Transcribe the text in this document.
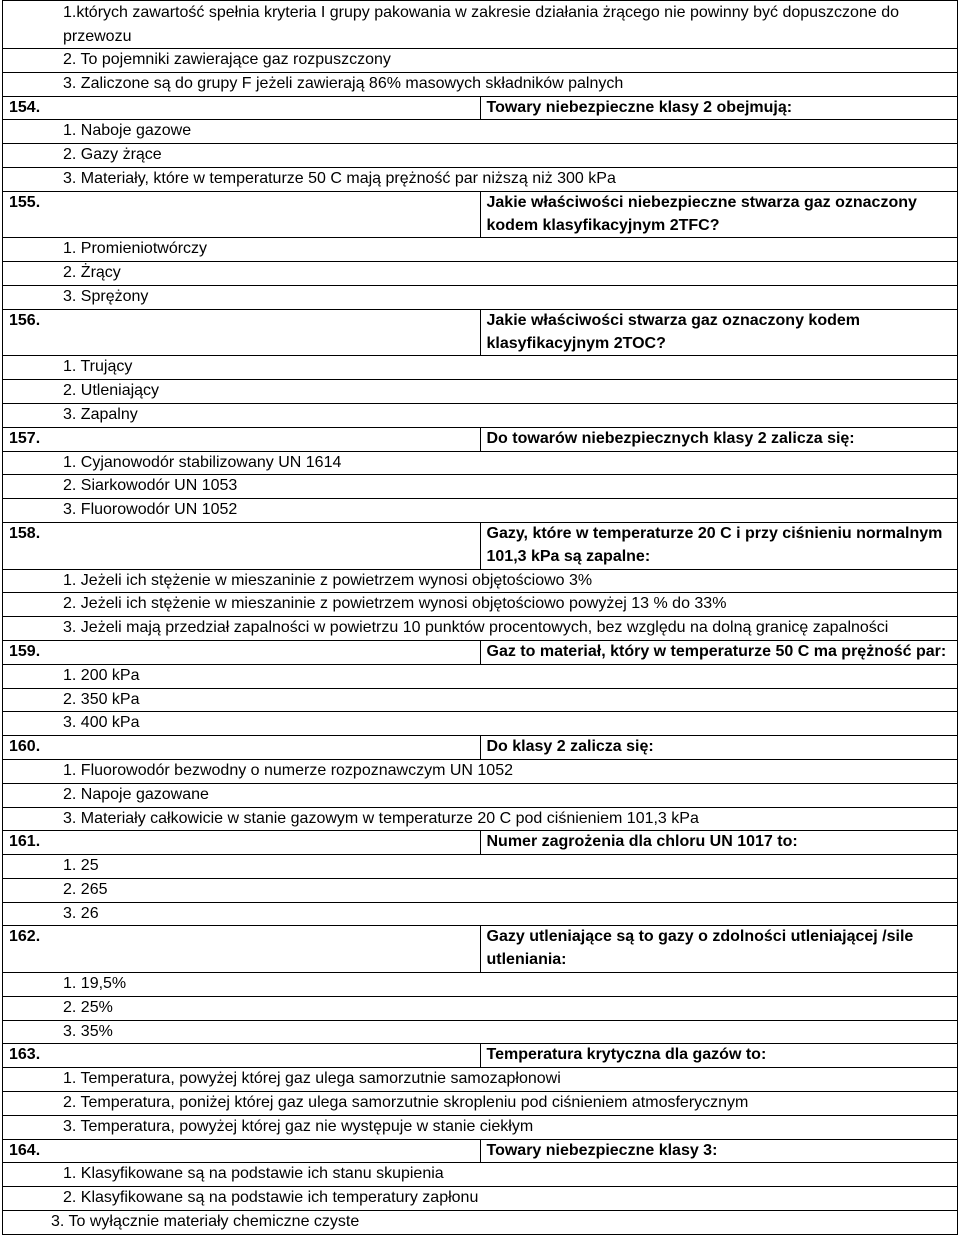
1.których zawartość spełnia kryteria I grupy pakowania w zakresie działania żrącego nie powinny być dopuszczone do przewozu	
2. To pojemniki zawierające gaz rozpuszczony	
3. Zaliczone są do grupy F jeżeli zawierają 86% masowych składników palnych	
154.	Towary niebezpieczne klasy 2 obejmują:
1. Naboje gazowe	
2. Gazy żrące	
3. Materiały, które w temperaturze 50 C mają prężność par niższą niż 300 kPa	
155.	Jakie właściwości niebezpieczne stwarza gaz oznaczony kodem klasyfikacyjnym 2TFC?
1. Promieniotwórczy	
2. Żrący	
3. Sprężony	
156.	Jakie właściwości stwarza gaz oznaczony kodem klasyfikacyjnym 2TOC?
1. Trujący	
2. Utleniający	
3. Zapalny	
157.	Do towarów niebezpiecznych klasy 2 zalicza się:
1. Cyjanowodór stabilizowany UN 1614	
2. Siarkowodór UN 1053	
3. Fluorowodór UN 1052	
158.	Gazy, które w temperaturze 20 C i przy ciśnieniu normalnym 101,3 kPa są zapalne:
1. Jeżeli ich stężenie w mieszaninie z powietrzem wynosi objętościowo 3%	
2. Jeżeli ich stężenie w mieszaninie z powietrzem wynosi objętościowo powyżej 13 % do 33%	
3. Jeżeli mają przedział zapalności w powietrzu 10 punktów procentowych, bez względu na dolną granicę zapalności	
159.	Gaz to materiał, który w temperaturze 50 C ma prężność par:
1. 200 kPa	
2. 350 kPa	
3. 400 kPa	
160.	Do klasy 2 zalicza się:
1. Fluorowodór bezwodny o numerze rozpoznawczym UN 1052	
2. Napoje gazowane	
3. Materiały całkowicie w stanie gazowym w temperaturze 20 C pod ciśnieniem 101,3 kPa	
161.	Numer zagrożenia dla chloru UN 1017 to:
1. 25	
2. 265	
3. 26	
162.	Gazy utleniające są to gazy o zdolności utleniającej /sile utleniania:
1. 19,5%	
2. 25%	
3. 35%	
163.	Temperatura krytyczna dla gazów to:
1. Temperatura, powyżej której gaz ulega samorzutnie samozapłonowi	
2. Temperatura, poniżej której gaz ulega samorzutnie skropleniu pod ciśnieniem atmosferycznym	
3. Temperatura, powyżej której gaz nie występuje w stanie ciekłym	
164.	Towary niebezpieczne klasy 3:
1. Klasyfikowane są na podstawie ich stanu skupienia	
2. Klasyfikowane są na podstawie ich temperatury zapłonu	
3. To wyłącznie materiały chemiczne czyste	
